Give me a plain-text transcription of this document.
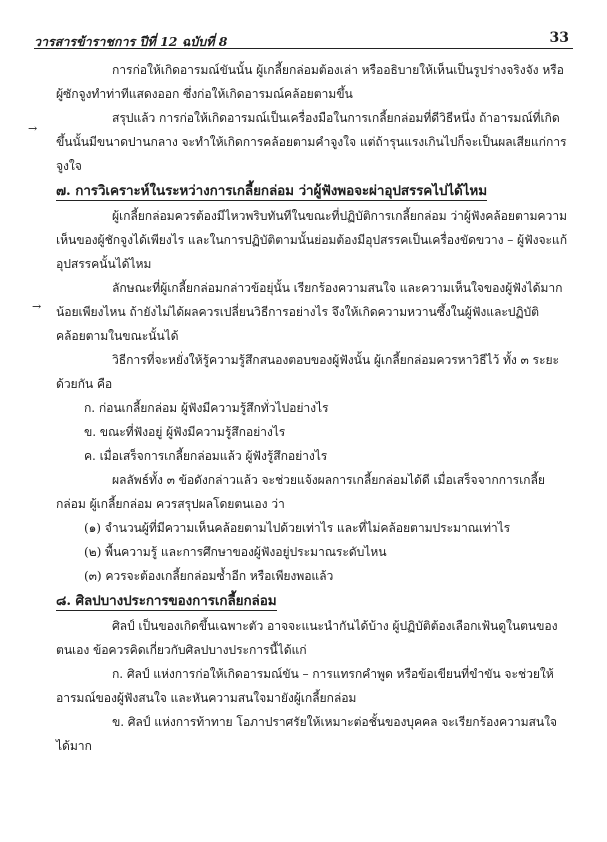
วารสารข้าราชการ ปีที่ 12 ฉบับที่ 8	33

การก่อให้เกิดอารมณ์ขันนั้น ผู้เกลี้ยกล่อมต้องเล่า หรืออธิบายให้เห็นเป็นรูปร่างจริงจัง หรือผู้ซักจูงทำท่าทีแสดงออก ซึ่งก่อให้เกิดอารมณ์คล้อยตามขึ้น

สรุปแล้ว การก่อให้เกิดอารมณ์เป็นเครื่องมือในการเกลี้ยกล่อมที่ดีวิธีหนึ่ง ถ้าอารมณ์ที่เกิดขึ้นนั้นมีขนาดปานกลาง จะทำให้เกิดการคล้อยตามคำจูงใจ แต่ถ้ารุนแรงเกินไปก็จะเป็นผลเสียแก่การจูงใจ

๗. การวิเคราะห์ในระหว่างการเกลี้ยกล่อม ว่าผู้ฟังพอจะผ่าอุปสรรคไปได้ไหม

ผู้เกลี้ยกล่อมควรต้องมีไหวพริบทันทีในขณะที่ปฏิบัติการเกลี้ยกล่อม ว่าผู้ฟังคล้อยตามความเห็นของผู้ชักจูงได้เพียงไร และในการปฏิบัติตามนั้นย่อมต้องมีอุปสรรคเป็นเครื่องขัดขวาง – ผู้ฟังจะแก้อุปสรรคนั้นได้ไหม

ลักษณะที่ผู้เกลี้ยกล่อมกล่าวข้อยุ่นั้น เรียกร้องความสนใจ และความเห็นใจของผู้ฟังได้มากน้อยเพียงไหน ถ้ายังไม่ได้ผลควรเปลี่ยนวิธีการอย่างไร จึงให้เกิดความหวานซึ้งในผู้ฟังและปฏิบัติคล้อยตามในขณะนั้นได้

วิธีการที่จะหยั่งให้รู้ความรู้สึกสนองตอบของผู้ฟังนั้น ผู้เกลี้ยกล่อมควรหาวิธีไว้ ทั้ง ๓ ระยะด้วยกัน คือ

ก. ก่อนเกลี้ยกล่อม ผู้ฟังมีความรู้สึกทั่วไปอย่างไร

ข. ขณะที่ฟังอยู่ ผู้ฟังมีความรู้สึกอย่างไร

ค. เมื่อเสร็จการเกลี้ยกล่อมแล้ว ผู้ฟังรู้สึกอย่างไร

ผลลัพธ์ทั้ง ๓ ข้อดังกล่าวแล้ว จะช่วยแจ้งผลการเกลี้ยกล่อมได้ดี เมื่อเสร็จจากการเกลี้ยกล่อม ผู้เกลี้ยกล่อม ควรสรุปผลโดยตนเอง ว่า

(๑) จำนวนผู้ที่มีความเห็นคล้อยตามไปด้วยเท่าไร และที่ไม่คล้อยตามประมาณเท่าไร

(๒) พื้นความรู้ และการศึกษาของผู้ฟังอยู่ประมาณระดับไหน

(๓) ควรจะต้องเกลี้ยกล่อมซ้ำอีก หรือเพียงพอแล้ว

๘. ศิลปบางประการของการเกลี้ยกล่อม

ศิลป์ เป็นของเกิดขึ้นเฉพาะตัว อาจจะแนะนำกันได้บ้าง ผู้ปฏิบัติต้องเลือกเฟ้นดูในตนของตนเอง ข้อควรคิดเกี่ยวกับศิลปบางประการนี้ได้แก่

ก. ศิลป์ แห่งการก่อให้เกิดอารมณ์ขัน – การแทรกคำพูด หรือข้อเขียนที่ขำขัน จะช่วยให้อารมณ์ของผู้ฟังสนใจ และหันความสนใจมายังผู้เกลี้ยกล่อม

ข. ศิลป์ แห่งการท้าทาย โอภาปราศรัยให้เหมาะต่อชั้นของบุคคล จะเรียกร้องความสนใจได้มาก

→
→
